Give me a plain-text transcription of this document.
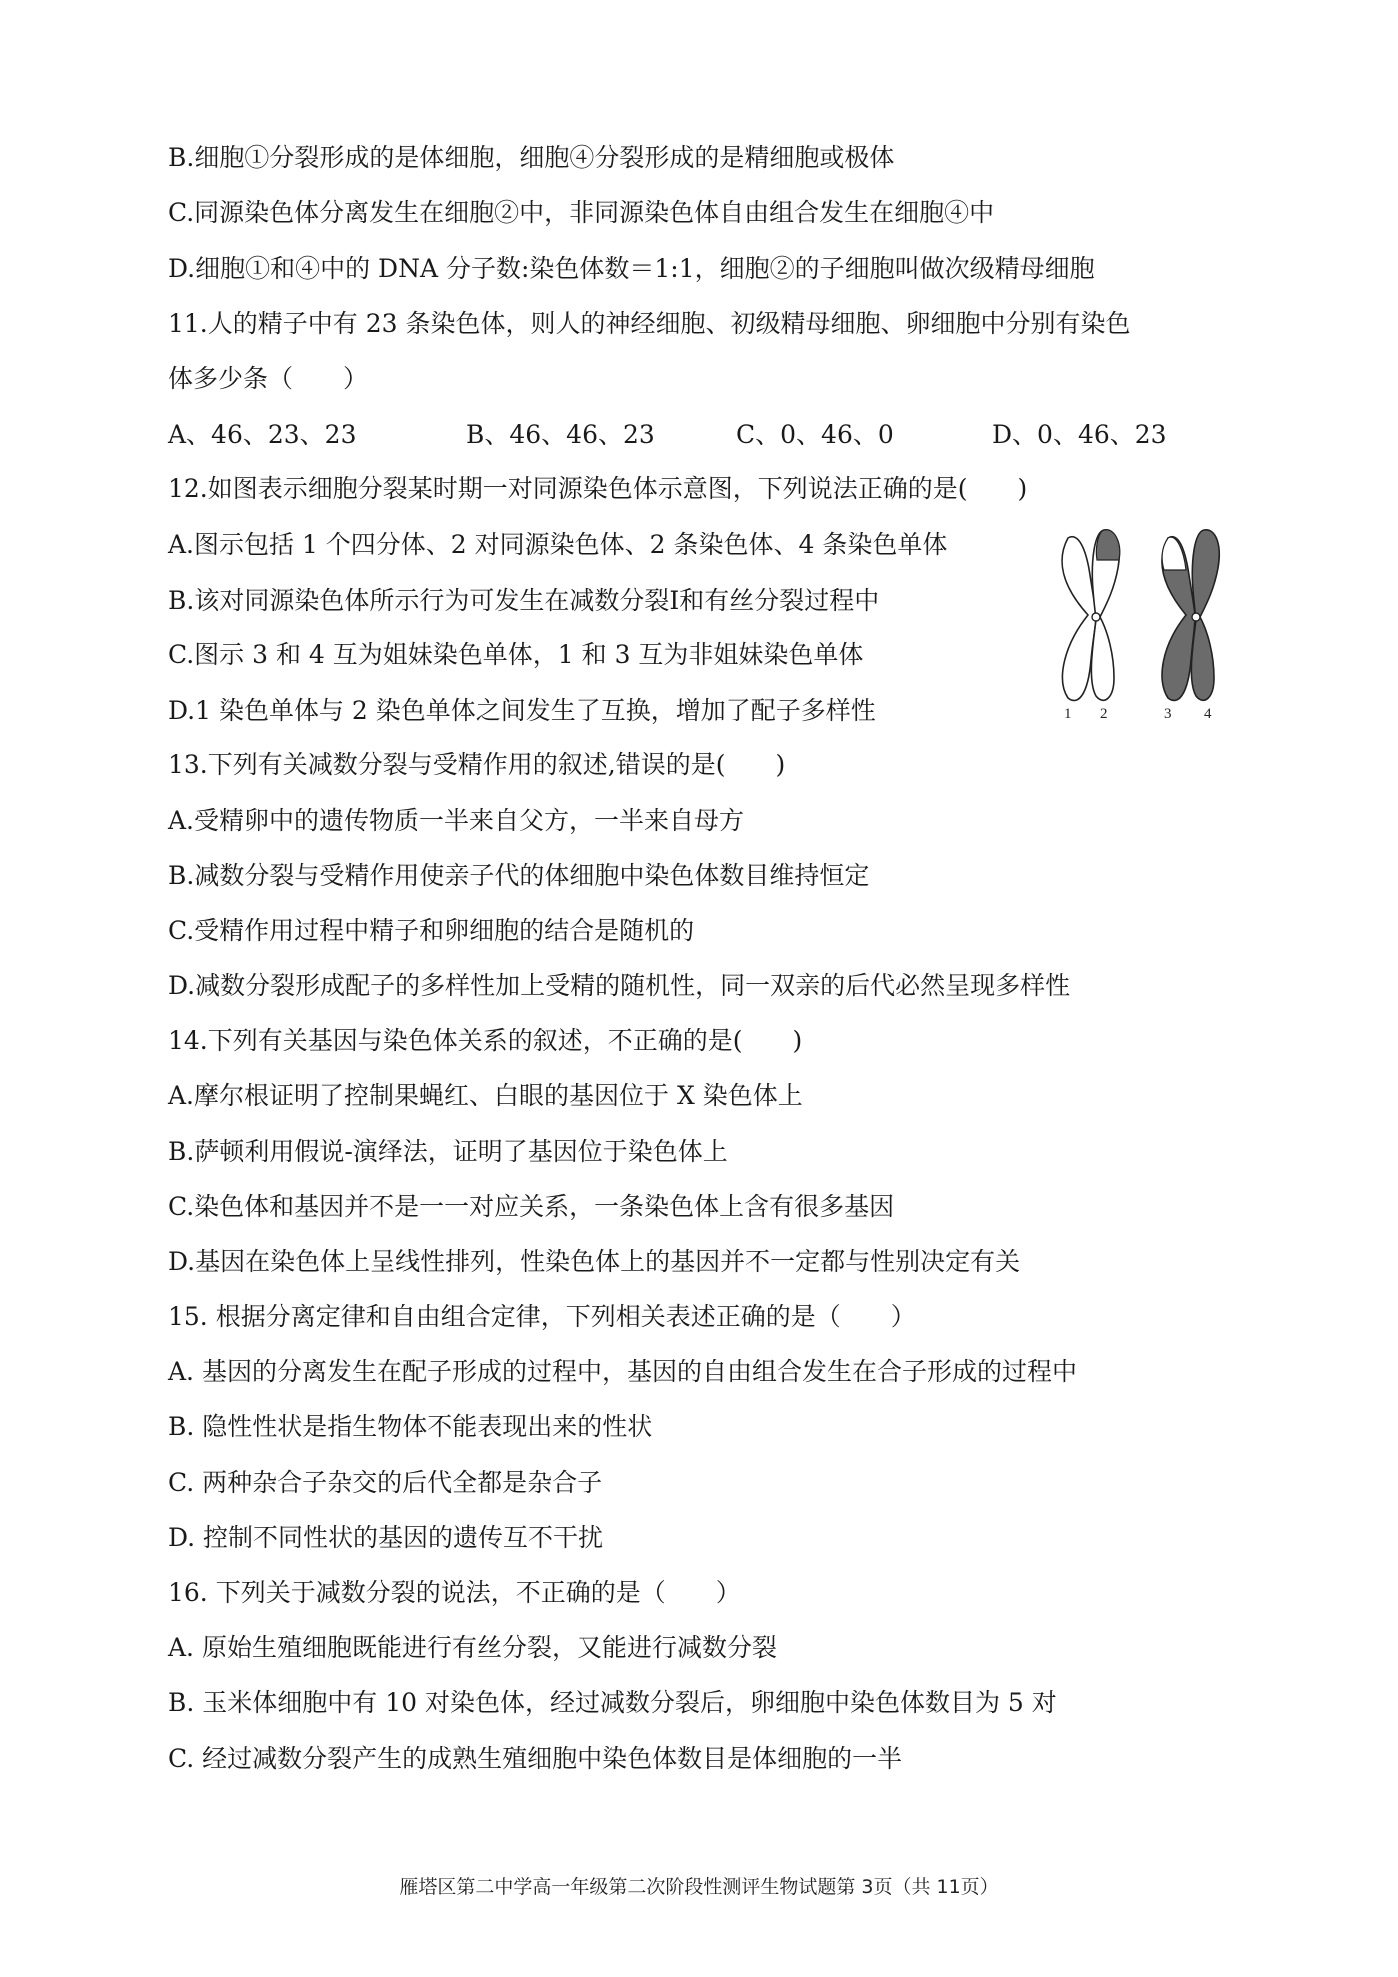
B.细胞①分裂形成的是体细胞，细胞④分裂形成的是精细胞或极体
C.同源染色体分离发生在细胞②中，非同源染色体自由组合发生在细胞④中
D.细胞①和④中的 DNA 分子数:染色体数＝1:1，细胞②的子细胞叫做次级精母细胞
11.人的精子中有 23 条染色体，则人的神经细胞、初级精母细胞、卵细胞中分别有染色
体多少条（　　）
A、46、23、23	B、46、46、23	C、0、46、0	D、0、46、23
12.如图表示细胞分裂某时期一对同源染色体示意图，下列说法正确的是(　　)
A.图示包括 1 个四分体、2 对同源染色体、2 条染色体、4 条染色单体
B.该对同源染色体所示行为可发生在减数分裂Ⅰ和有丝分裂过程中
C.图示 3 和 4 互为姐妹染色单体，1 和 3 互为非姐妹染色单体
D.1 染色单体与 2 染色单体之间发生了互换，增加了配子多样性
13.下列有关减数分裂与受精作用的叙述,错误的是(　　)
A.受精卵中的遗传物质一半来自父方，一半来自母方
B.减数分裂与受精作用使亲子代的体细胞中染色体数目维持恒定
C.受精作用过程中精子和卵细胞的结合是随机的
D.减数分裂形成配子的多样性加上受精的随机性，同一双亲的后代必然呈现多样性
14.下列有关基因与染色体关系的叙述，不正确的是(　　)
A.摩尔根证明了控制果蝇红、白眼的基因位于 X 染色体上
B.萨顿利用假说-演绎法，证明了基因位于染色体上
C.染色体和基因并不是一一对应关系，一条染色体上含有很多基因
D.基因在染色体上呈线性排列，性染色体上的基因并不一定都与性别决定有关
15. 根据分离定律和自由组合定律，下列相关表述正确的是（　　）
A. 基因的分离发生在配子形成的过程中，基因的自由组合发生在合子形成的过程中
B. 隐性性状是指生物体不能表现出来的性状
C. 两种杂合子杂交的后代全都是杂合子
D. 控制不同性状的基因的遗传互不干扰
16. 下列关于减数分裂的说法，不正确的是（　　）
A. 原始生殖细胞既能进行有丝分裂，又能进行减数分裂
B. 玉米体细胞中有 10 对染色体，经过减数分裂后，卵细胞中染色体数目为 5 对
C. 经过减数分裂产生的成熟生殖细胞中染色体数目是体细胞的一半
1 2	3 4
雁塔区第二中学高一年级第二次阶段性测评生物试题第 3页（共 11页）
